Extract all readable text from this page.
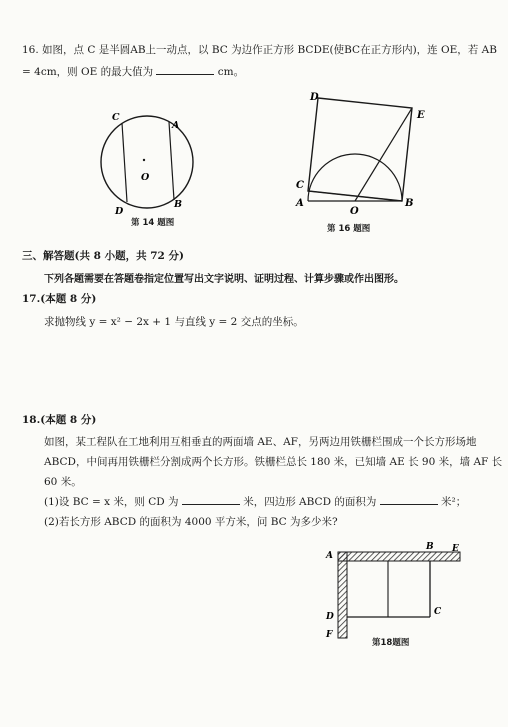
16. 如图，点 C 是半圆AB上一动点，以 BC 为边作正方形 BCDE(使BC在正方形内)，连 OE，若 AB
= 4cm，则 OE 的最大值为	cm。
C
A
O
D
B
第 14 题图
D
E
C
A
O
B
第 16 题图
三、解答题(共 8 小题，共 72 分)
下列各题需要在答题卷指定位置写出文字说明、证明过程、计算步骤或作出图形。
17.(本题 8 分)
求抛物线 y = x² − 2x + 1 与直线 y = 2 交点的坐标。
18.(本题 8 分)
如图，某工程队在工地利用互相垂直的两面墙 AE、AF，另两边用铁栅栏围成一个长方形场地
ABCD，中间再用铁栅栏分割成两个长方形。铁栅栏总长 180 米，已知墙 AE 长 90 米，墙 AF 长
60 米。
(1)设 BC = x 米，则 CD 为	米，四边形 ABCD 的面积为	米²；
(2)若长方形 ABCD 的面积为 4000 平方米，问 BC 为多少米?
A
B E
D	C
F
第18题图
